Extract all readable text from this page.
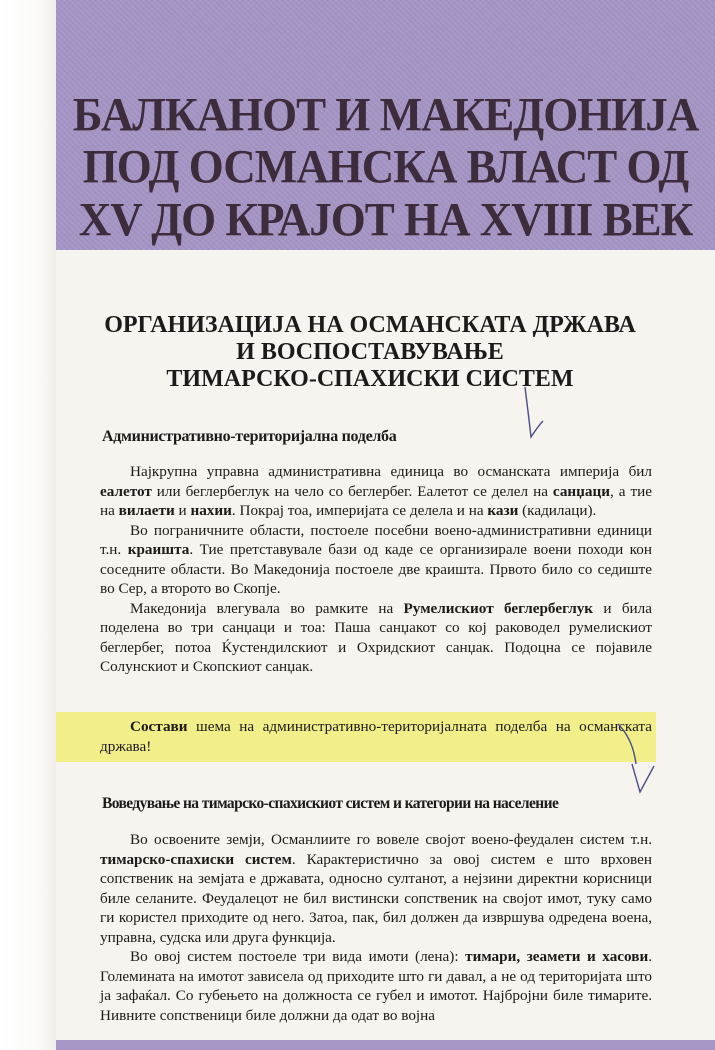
БАЛКАНОТ И МАКЕДОНИЈА
ПОД ОСМАНСКА ВЛАСТ ОД
XV ДО КРАЈОТ НА XVIII ВЕК
ОРГАНИЗАЦИЈА НА ОСМАНСКАТА ДРЖАВА
И ВОСПОСТАВУВАЊЕ
ТИМАРСКО-СПАХИСКИ СИСТЕМ
Административно-територијална поделба

Најкрупна управна административна единица во османската империја бил еалетот или беглербеглук на чело со беглербег. Еалетот се делел на санџаци, а тие на вилаети и нахии. Покрај тоа, империјата се делела и на кази (кадилаци).

Во пограничните области, постоеле посебни воено-административни единици т.н. краишта. Тие претставувале бази од каде се организирале воени походи кон соседните области. Во Македонија постоеле две краишта. Првото било со седиште во Сер, а второто во Скопје.

Македонија влегувала во рамките на Румелискиот беглербеглук и била поделена во три санџаци и тоа: Паша санџакот со кој раководел румелискиот беглербег, потоа Ќустендилскиот и Охридскиот санџак. Подоцна се појавиле Солунскиот и Скопскиот санџак.

Состави шема на административно-територијалната поделба на османската држава!

Воведување на тимарско-спахискиот систем и категории на население

Во освоените земји, Османлиите го вовеле својот воено-феудален систем т.н. тимарско-спахиски систем. Карактеристично за овој систем е што врховен сопственик на земјата е државата, односно султанот, а нејзини директни корисници биле селаните. Феудалецот не бил вистински сопственик на својот имот, туку само ги користел приходите од него. Затоа, пак, бил должен да извршува одредена воена, управна, судска или друга функција.

Во овој систем постоеле три вида имоти (лена): тимари, зеамети и хасови. Големината на имотот зависела од приходите што ги давал, а не од територијата што ја зафаќал. Со губењето на должноста се губел и имотот. Најбројни биле тимарите. Нивните сопственици биле должни да одат во војна
